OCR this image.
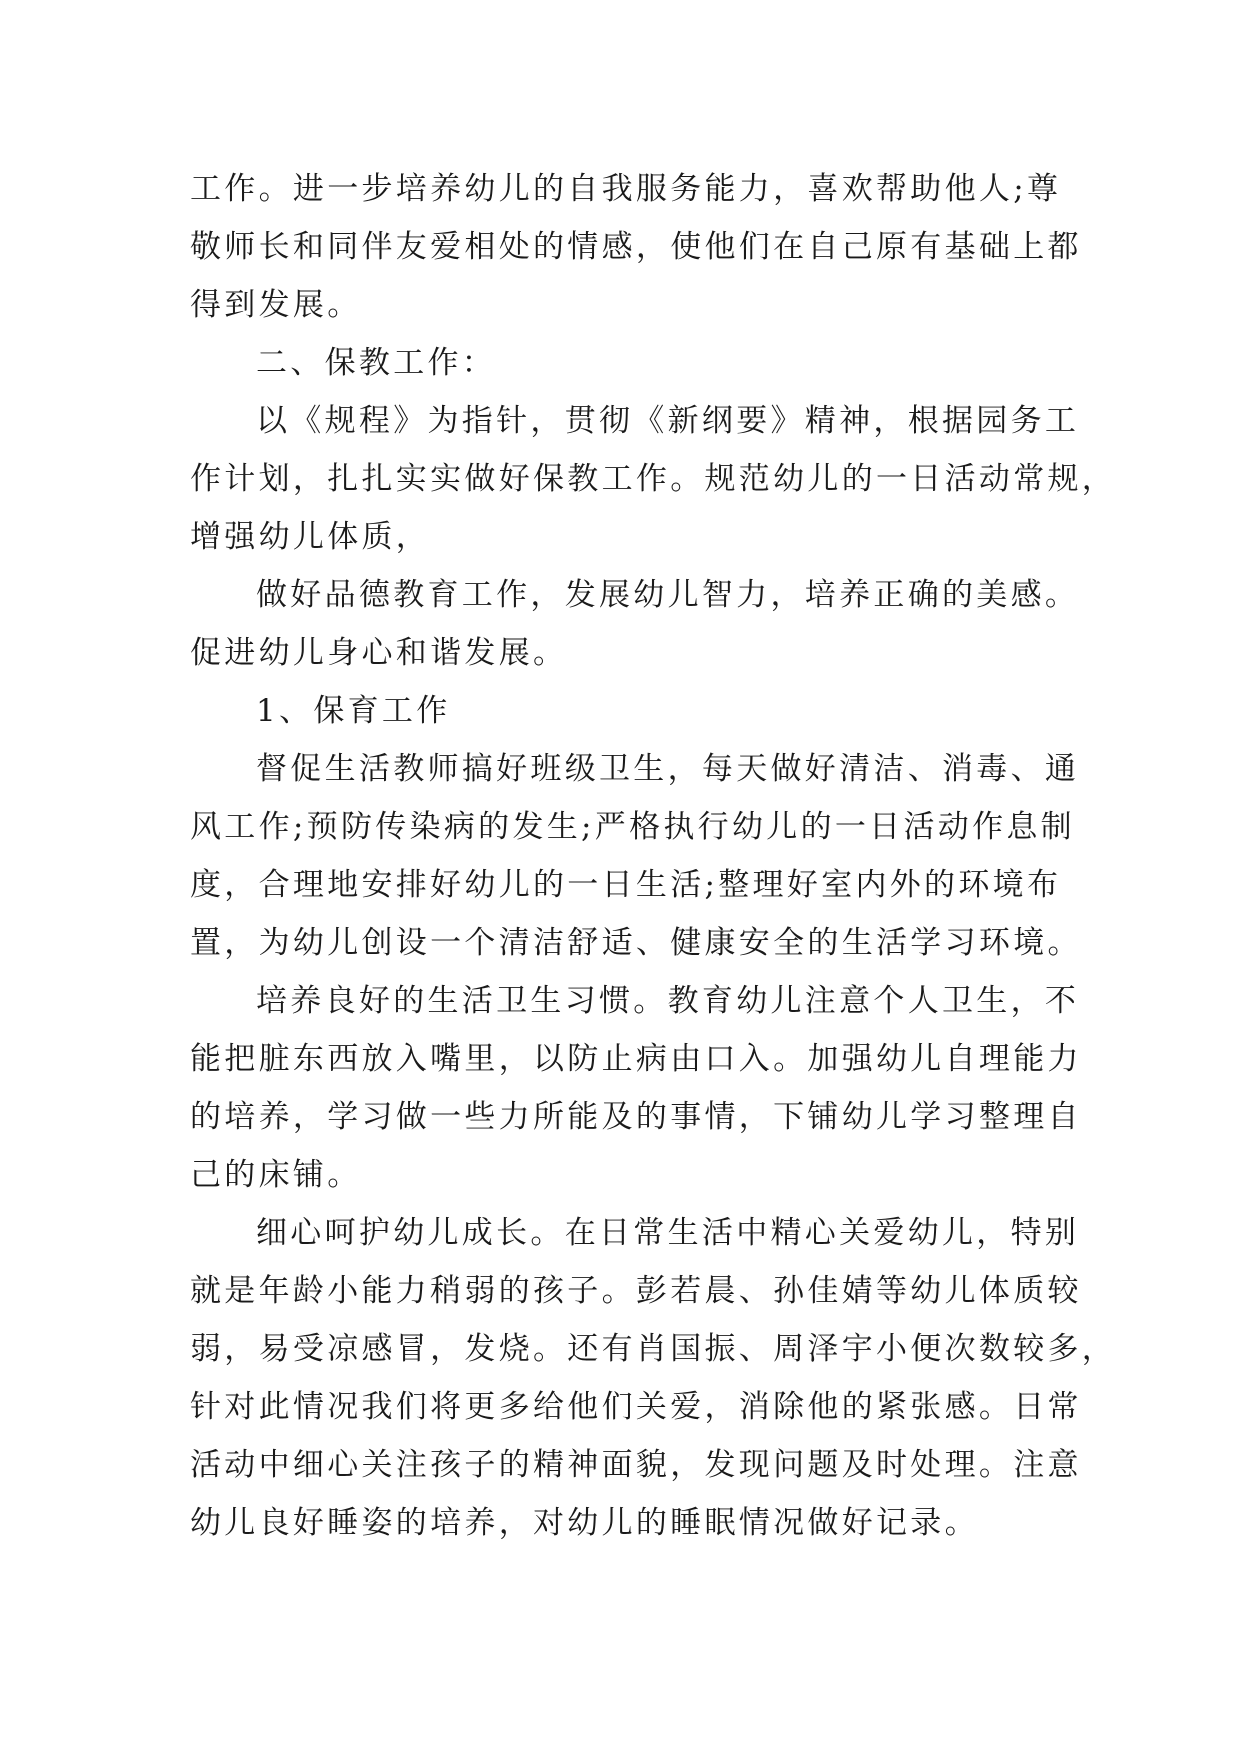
工作。进一步培养幼儿的自我服务能力，喜欢帮助他人;尊
敬师长和同伴友爱相处的情感，使他们在自己原有基础上都
得到发展。
二、保教工作：
以《规程》为指针，贯彻《新纲要》精神，根据园务工
作计划，扎扎实实做好保教工作。规范幼儿的一日活动常规，
增强幼儿体质，
做好品德教育工作，发展幼儿智力，培养正确的美感。
促进幼儿身心和谐发展。
1、保育工作
督促生活教师搞好班级卫生，每天做好清洁、消毒、通
风工作;预防传染病的发生;严格执行幼儿的一日活动作息制
度，合理地安排好幼儿的一日生活;整理好室内外的环境布
置，为幼儿创设一个清洁舒适、健康安全的生活学习环境。
培养良好的生活卫生习惯。教育幼儿注意个人卫生，不
能把脏东西放入嘴里，以防止病由口入。加强幼儿自理能力
的培养，学习做一些力所能及的事情，下铺幼儿学习整理自
己的床铺。
细心呵护幼儿成长。在日常生活中精心关爱幼儿，特别
就是年龄小能力稍弱的孩子。彭若晨、孙佳婧等幼儿体质较
弱，易受凉感冒，发烧。还有肖国振、周泽宇小便次数较多，
针对此情况我们将更多给他们关爱，消除他的紧张感。日常
活动中细心关注孩子的精神面貌，发现问题及时处理。注意
幼儿良好睡姿的培养，对幼儿的睡眠情况做好记录。
